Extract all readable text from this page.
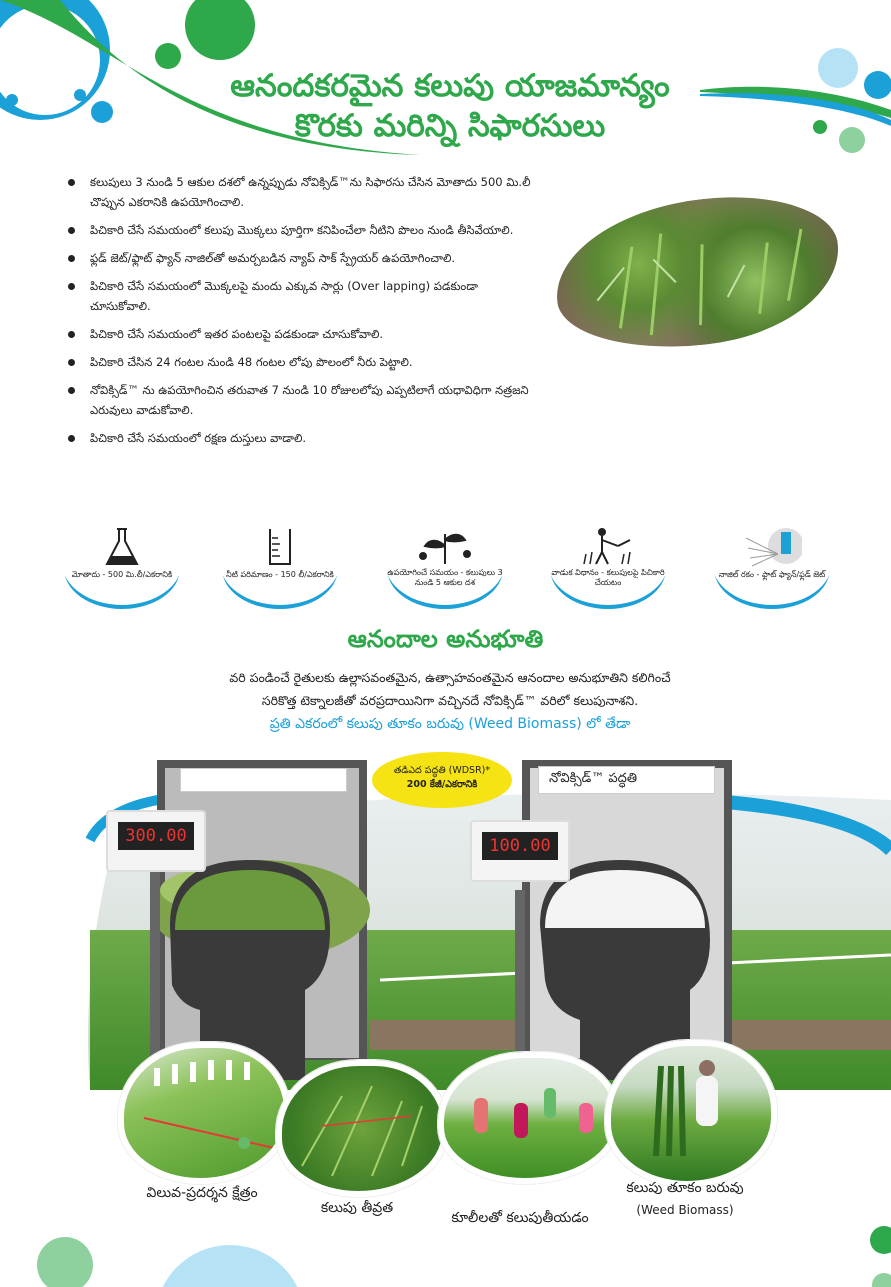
ఆనందకరమైన కలుపు యాజమాన్యం
కొరకు మరిన్ని సిఫారసులు
కలుపులు 3 నుండి 5 ఆకుల దశలో ఉన్నప్పుడు నోవిక్సిడ్™ను సిఫారసు చేసిన మోతాదు 500 మి.లీ చొప్పున ఎకరానికి ఉపయోగించాలి.
పిచికారి చేసే సమయంలో కలుపు మొక్కలు పూర్తిగా కనిపించేలా నీటిని పొలం నుండి తీసివేయాలి.
ఫ్లడ్ జెట్/ఫ్లాట్ ఫ్యాన్ నాజిల్‌తో అమర్చబడిన న్యాప్ సాక్ స్ప్రేయర్ ఉపయోగించాలి.
పిచికారి చేసే సమయంలో మొక్కలపై మందు ఎక్కువ సార్లు (Over lapping) పడకుండా చూసుకోవాలి.
పిచికారి చేసే సమయంలో ఇతర పంటలపై పడకుండా చూసుకోవాలి.
పిచికారి చేసిన 24 గంటల నుండి 48 గంటల లోపు పొలంలో నీరు పెట్టాలి.
నోవిక్సిడ్™ ను ఉపయోగించిన తరువాత 7 నుండి 10 రోజులలోపు ఎప్పటిలాగే యధావిధిగా నత్రజని ఎరువులు వాడుకోవాలి.
పిచికారి చేసే సమయంలో రక్షణ దుస్తులు వాడాలి.
మోతాదు - 500 మి.లీ/ఎకరానికి	నీటి పరిమాణం - 150 లీ/ఎకరానికి	ఉపయోగించే సమయం - కలుపులు 3 నుండి 5 ఆకుల దశ
వాడుక విధానం - కలుపులపై పిచికారి చేయటం
నాజిల్ రకం - ఫ్లాట్ ఫ్యాన్/ఫ్లడ్ జెట్
ఆనందాల అనుభూతి
వరి పండించే రైతులకు ఉల్లాసవంతమైన, ఉత్సాహవంతమైన ఆనందాల అనుభూతిని కలిగించే
సరికొత్త టెక్నాలజీతో వరప్రదాయినిగా వచ్చినదే నోవిక్సిడ్™ వరిలో కలుపునాశని.
ప్రతి ఎకరంలో కలుపు తూకం బరువు (Weed Biomass) లో తేడా
నోవిక్సిడ్™ పద్ధతి
300.00	100.00
తడిఎద పద్ధతి (WDSR)*
200 కేజీ/ఎకరానికి
విలువ-ప్రదర్శన క్షేత్రం
కలుపు తీవ్రత
కూలీలతో కలుపుతీయడం
కలుపు తూకం బరువు
(Weed Biomass)
